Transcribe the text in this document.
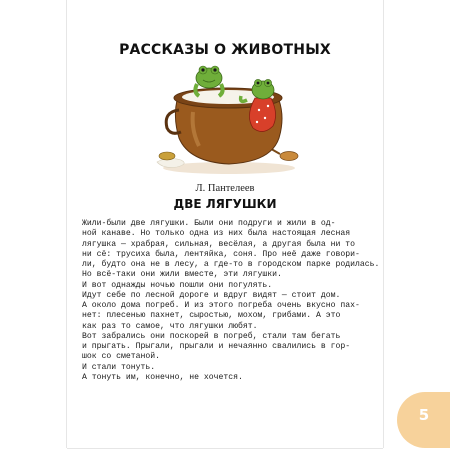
РАССКАЗЫ О ЖИВОТНЫХ
Л. Пантелеев
ДВЕ ЛЯГУШКИ
Жили-были две лягушки. Были они подруги и жили в од-
ной канаве. Но только одна из них была настоящая лесная
лягушка — храбрая, сильная, весёлая, а другая была ни то
ни сё: трусиха была, лентяйка, соня. Про неё даже говори-
ли, будто она не в лесу, а где-то в городском парке родилась.
Но всё-таки они жили вместе, эти лягушки.
И вот однажды ночью пошли они погулять.
Идут себе по лесной дороге и вдруг видят — стоит дом.
А около дома погреб. И из этого погреба очень вкусно пах-
нет: плесенью пахнет, сыростью, мохом, грибами. А это
как раз то самое, что лягушки любят.
Вот забрались они поскорей в погреб, стали там бегать
и прыгать. Прыгали, прыгали и нечаянно свалились в гор-
шок со сметаной.
И стали тонуть.
А тонуть им, конечно, не хочется.
5
